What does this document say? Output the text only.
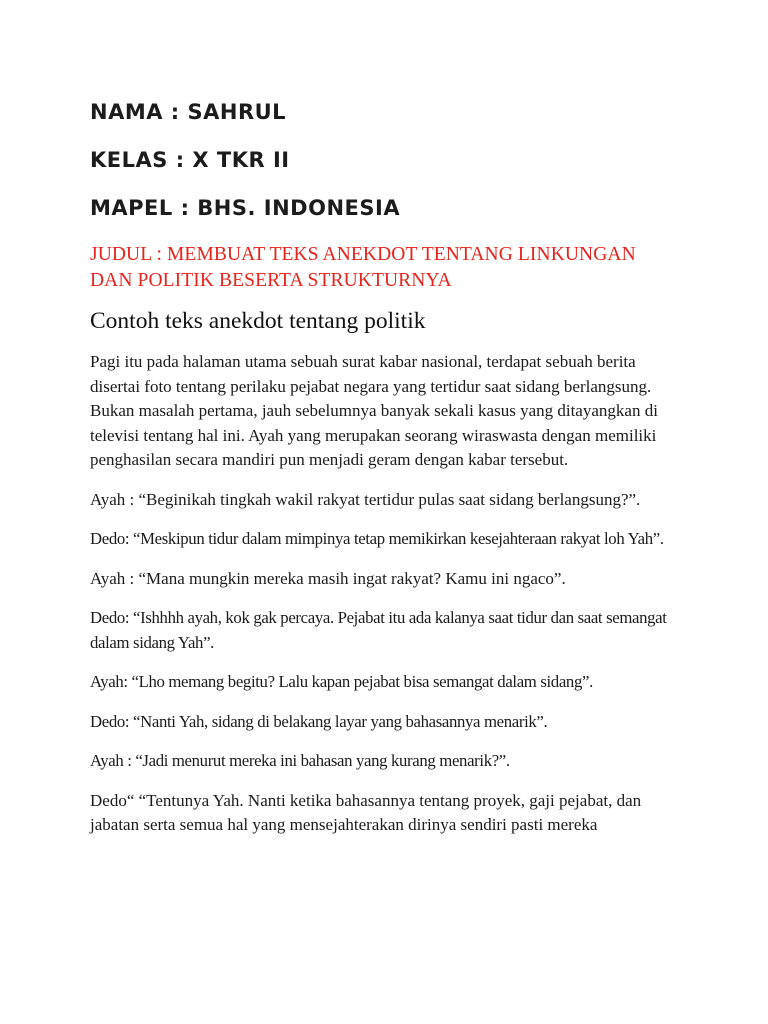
NAMA : SAHRUL
KELAS : X TKR II
MAPEL : BHS. INDONESIA

JUDUL : MEMBUAT TEKS ANEKDOT TENTANG LINKUNGAN DAN POLITIK BESERTA STRUKTURNYA

Contoh teks anekdot tentang politik

Pagi itu pada halaman utama sebuah surat kabar nasional, terdapat sebuah berita disertai foto tentang perilaku pejabat negara yang tertidur saat sidang berlangsung. Bukan masalah pertama, jauh sebelumnya banyak sekali kasus yang ditayangkan di televisi tentang hal ini. Ayah yang merupakan seorang wiraswasta dengan memiliki penghasilan secara mandiri pun menjadi geram dengan kabar tersebut.

Ayah : “Beginikah tingkah wakil rakyat tertidur pulas saat sidang berlangsung?”.

Dedo: “Meskipun tidur dalam mimpinya tetap memikirkan kesejahteraan rakyat loh Yah”.

Ayah : “Mana mungkin mereka masih ingat rakyat? Kamu ini ngaco”.

Dedo: “Ishhhh ayah, kok gak percaya. Pejabat itu ada kalanya saat tidur dan saat semangat dalam sidang Yah”.

Ayah: “Lho memang begitu? Lalu kapan pejabat bisa semangat dalam sidang”.

Dedo: “Nanti Yah, sidang di belakang layar yang bahasannya menarik”.

Ayah : “Jadi menurut mereka ini bahasan yang kurang menarik?”.

Dedo“ “Tentunya Yah. Nanti ketika bahasannya tentang proyek, gaji pejabat, dan jabatan serta semua hal yang mensejahterakan dirinya sendiri pasti mereka
